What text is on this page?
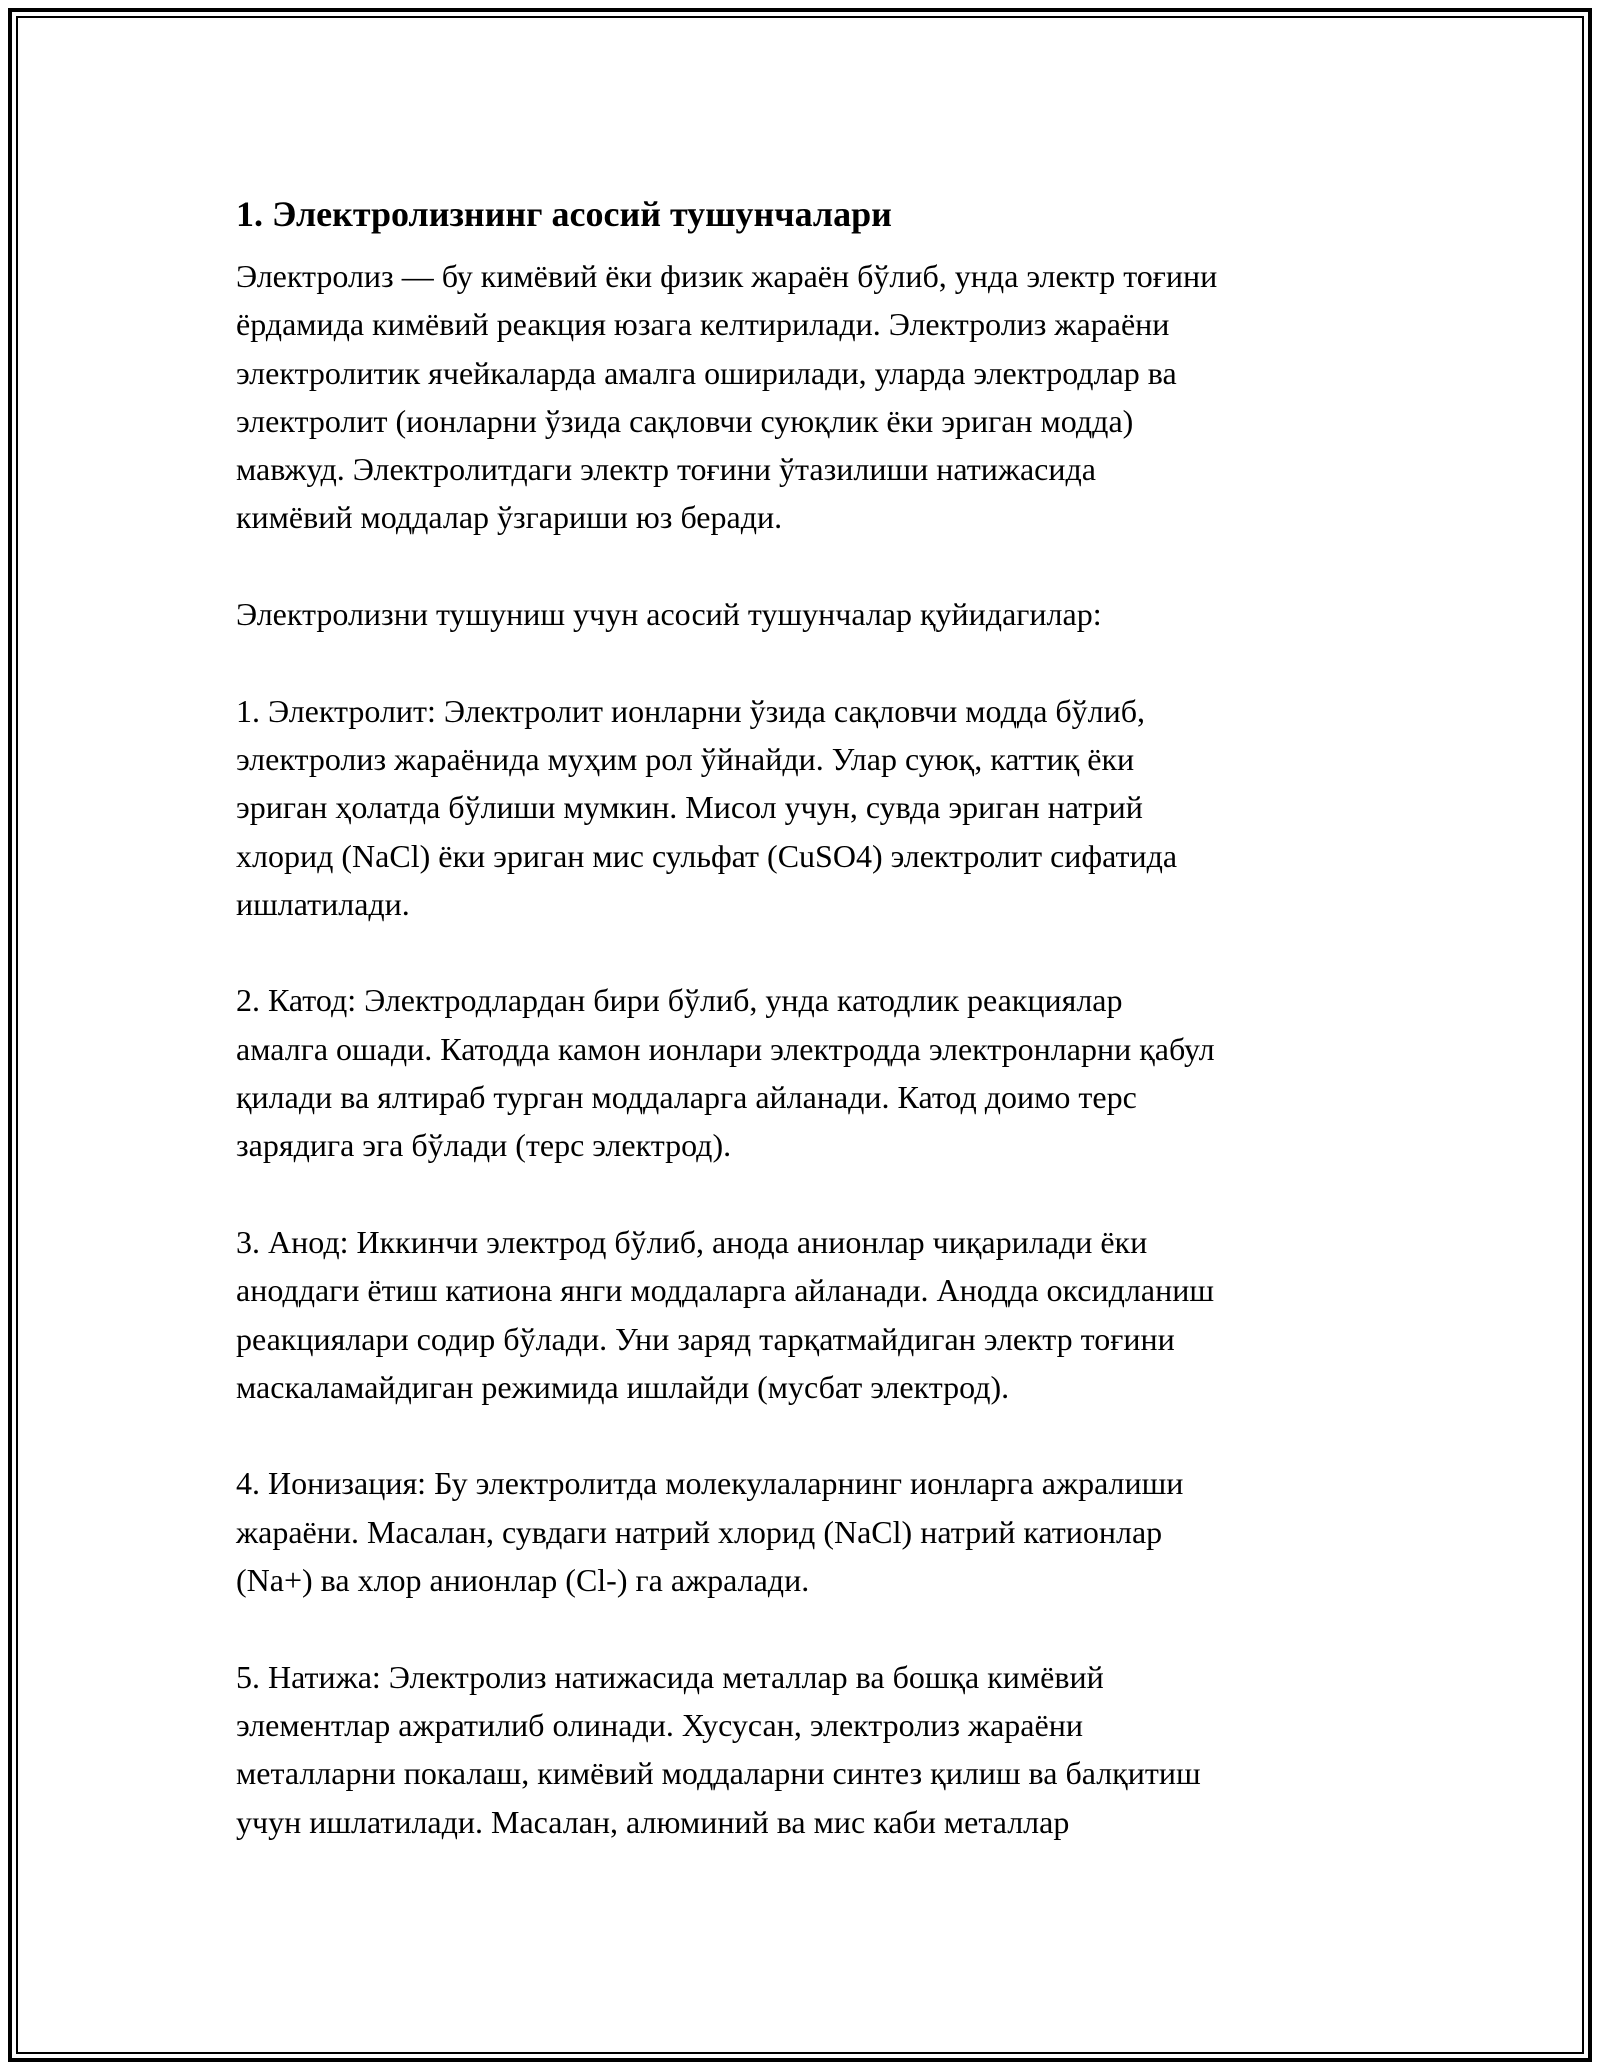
1. Электролизнинг асосий тушунчалари
Электролиз — бу кимёвий ёки физик жараён бўлиб, унда электр тоғини
ёрдамида кимёвий реакция юзага келтирилади. Электролиз жараёни
электролитик ячейкаларда амалга оширилади, уларда электродлар ва
электролит (ионларни ўзида сақловчи суюқлик ёки эриган модда)
мавжуд. Электролитдаги электр тоғини ўтазилиши натижасида
кимёвий моддалар ўзгариши юз беради.
Электролизни тушуниш учун асосий тушунчалар қуйидагилар:
1. Электролит: Электролит ионларни ўзида сақловчи модда бўлиб,
электролиз жараёнида муҳим рол ўйнайди. Улар суюқ, каттиқ ёки
эриган ҳолатда бўлиши мумкин. Мисол учун, сувда эриган натрий
хлорид (NaCl) ёки эриган мис сульфат (CuSO4) электролит сифатида
ишлатилади.
2. Катод: Электродлардан бири бўлиб, унда катодлик реакциялар
амалга ошади. Катодда камон ионлари электродда электронларни қабул
қилади ва ялтираб турган моддаларга айланади. Катод доимо терс
зарядига эга бўлади (терс электрод).
3. Анод: Иккинчи электрод бўлиб, анода анионлар чиқарилади ёки
аноддаги ётиш катиона янги моддаларга айланади. Анодда оксидланиш
реакциялари содир бўлади. Уни заряд тарқатмайдиган электр тоғини
маскаламайдиган режимида ишлайди (мусбат электрод).
4. Ионизация: Бу электролитда молекулаларнинг ионларга ажралиши
жараёни. Масалан, сувдаги натрий хлорид (NaCl) натрий катионлар
(Na+) ва хлор анионлар (Cl-) га ажралади.
5. Натижа: Электролиз натижасида металлар ва бошқа кимёвий
элементлар ажратилиб олинади. Хусусан, электролиз жараёни
металларни покалаш, кимёвий моддаларни синтез қилиш ва балқитиш
учун ишлатилади. Масалан, алюминий ва мис каби металлар
